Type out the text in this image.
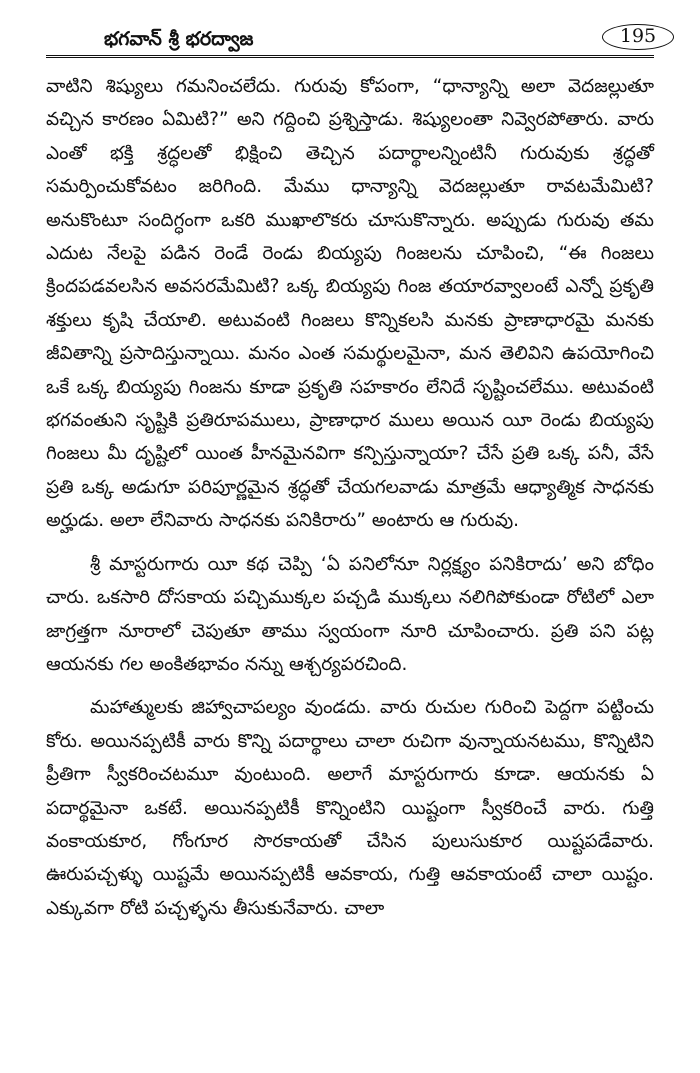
భగవాన్ శ్రీ భరద్వాజ	195

వాటిని శిష్యులు గమనించలేదు. గురువు కోపంగా, “ధాన్యాన్ని అలా వెదజల్లుతూ వచ్చిన కారణం ఏమిటి?” అని గద్దించి ప్రశ్నిస్తాడు. శిష్యులంతా నివ్వెరపోతారు. వారు ఎంతో భక్తి శ్రద్ధలతో భిక్షించి తెచ్చిన పదార్థాలన్నింటినీ గురువుకు శ్రద్ధతో సమర్పించుకోవటం జరిగింది. మేము ధాన్యాన్ని వెదజల్లుతూ రావటమేమిటి? అనుకొంటూ సందిగ్ధంగా ఒకరి ముఖాలొకరు చూసుకొన్నారు. అప్పుడు గురువు తమ ఎదుట నేలపై పడిన రెండే రెండు బియ్యపు గింజలను చూపించి, “ఈ గింజలు క్రిందపడవలసిన అవసరమేమిటి? ఒక్క బియ్యపు గింజ తయారవ్వాలంటే ఎన్నో ప్రకృతి శక్తులు కృషి చేయాలి. అటువంటి గింజలు కొన్నికలసి మనకు ప్రాణాధారమై మనకు జీవితాన్ని ప్రసాదిస్తున్నాయి. మనం ఎంత సమర్థులమైనా, మన తెలివిని ఉపయోగించి ఒకే ఒక్క బియ్యపు గింజను కూడా ప్రకృతి సహకారం లేనిదే సృష్టించలేము. అటువంటి భగవంతుని సృష్టికి ప్రతిరూపములు, ప్రాణాధార ములు అయిన యీ రెండు బియ్యపు గింజలు మీ దృష్టిలో యింత హీనమైనవిగా కన్పిస్తున్నాయా? చేసే ప్రతి ఒక్క పనీ, వేసే ప్రతి ఒక్క అడుగూ పరిపూర్ణమైన శ్రద్ధతో చేయగలవాడు మాత్రమే ఆధ్యాత్మిక సాధనకు అర్హుడు. అలా లేనివారు సాధనకు పనికిరారు” అంటారు ఆ గురువు.

శ్రీ మాస్టరుగారు యీ కథ చెప్పి ‘ఏ పనిలోనూ నిర్లక్ష్యం పనికిరాదు’ అని బోధిం చారు. ఒకసారి దోసకాయ పచ్చిముక్కల పచ్చడి ముక్కలు నలిగిపోకుండా రోటిలో ఎలా జాగ్రత్తగా నూరాలో చెపుతూ తాము స్వయంగా నూరి చూపించారు. ప్రతి పని పట్ల ఆయనకు గల అంకితభావం నన్ను ఆశ్చర్యపరచింది.

మహాత్ములకు జిహ్వాచాపల్యం వుండదు. వారు రుచుల గురించి పెద్దగా పట్టించు కోరు. అయినప్పటికీ వారు కొన్ని పదార్థాలు చాలా రుచిగా వున్నాయనటము, కొన్నిటిని ప్రీతిగా స్వీకరించటమూ వుంటుంది. అలాగే మాస్టరుగారు కూడా. ఆయనకు ఏ పదార్థమైనా ఒకటే. అయినప్పటికీ కొన్నింటిని యిష్టంగా స్వీకరించే వారు. గుత్తి వంకాయకూర, గోంగూర సొరకాయతో చేసిన పులుసుకూర యిష్టపడేవారు. ఊరుపచ్చళ్ళు యిష్టమే అయినప్పటికీ ఆవకాయ, గుత్తి ఆవకాయంటే చాలా యిష్టం. ఎక్కువగా రోటి పచ్చళ్ళను తీసుకునేవారు. చాలా
